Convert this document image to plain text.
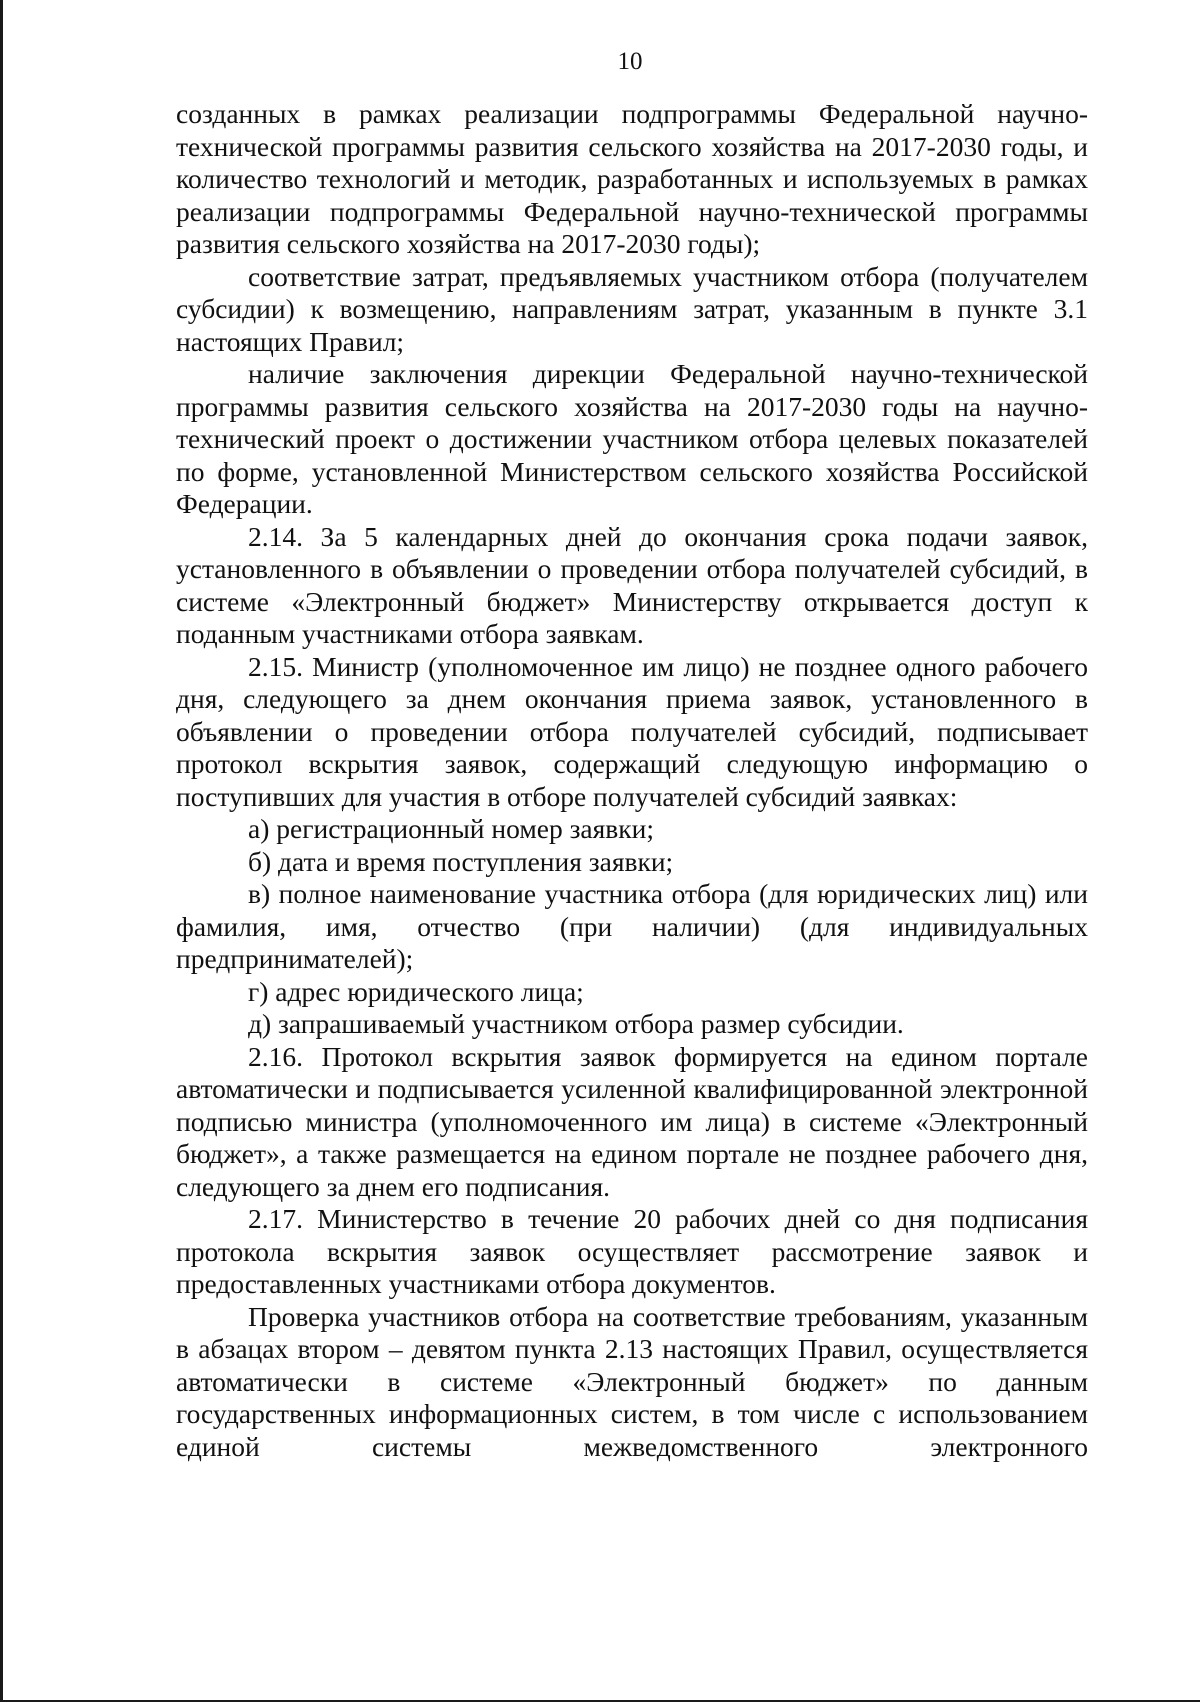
10

созданных в рамках реализации подпрограммы Федеральной научно-технической программы развития сельского хозяйства на 2017-2030 годы, и количество технологий и методик, разработанных и используемых в рамках реализации подпрограммы Федеральной научно-технической программы развития сельского хозяйства на 2017-2030 годы);

соответствие затрат, предъявляемых участником отбора (получателем субсидии) к возмещению, направлениям затрат, указанным в пункте 3.1 настоящих Правил;

наличие заключения дирекции Федеральной научно-технической программы развития сельского хозяйства на 2017-2030 годы на научно-технический проект о достижении участником отбора целевых показателей по форме, установленной Министерством сельского хозяйства Российской Федерации.

2.14. За 5 календарных дней до окончания срока подачи заявок, установленного в объявлении о проведении отбора получателей субсидий, в системе «Электронный бюджет» Министерству открывается доступ к поданным участниками отбора заявкам.

2.15. Министр (уполномоченное им лицо) не позднее одного рабочего дня, следующего за днем окончания приема заявок, установленного в объявлении о проведении отбора получателей субсидий, подписывает протокол вскрытия заявок, содержащий следующую информацию о поступивших для участия в отборе получателей субсидий заявках:

а) регистрационный номер заявки;

б) дата и время поступления заявки;

в) полное наименование участника отбора (для юридических лиц) или фамилия, имя, отчество (при наличии) (для индивидуальных предпринимателей);

г) адрес юридического лица;

д) запрашиваемый участником отбора размер субсидии.

2.16. Протокол вскрытия заявок формируется на едином портале автоматически и подписывается усиленной квалифицированной электронной подписью министра (уполномоченного им лица) в системе «Электронный бюджет», а также размещается на едином портале не позднее рабочего дня, следующего за днем его подписания.

2.17. Министерство в течение 20 рабочих дней со дня подписания протокола вскрытия заявок осуществляет рассмотрение заявок и предоставленных участниками отбора документов.

Проверка участников отбора на соответствие требованиям, указанным в абзацах втором – девятом пункта 2.13 настоящих Правил, осуществляется автоматически в системе «Электронный бюджет» по данным государственных информационных систем, в том числе с использованием единой системы межведомственного электронного
